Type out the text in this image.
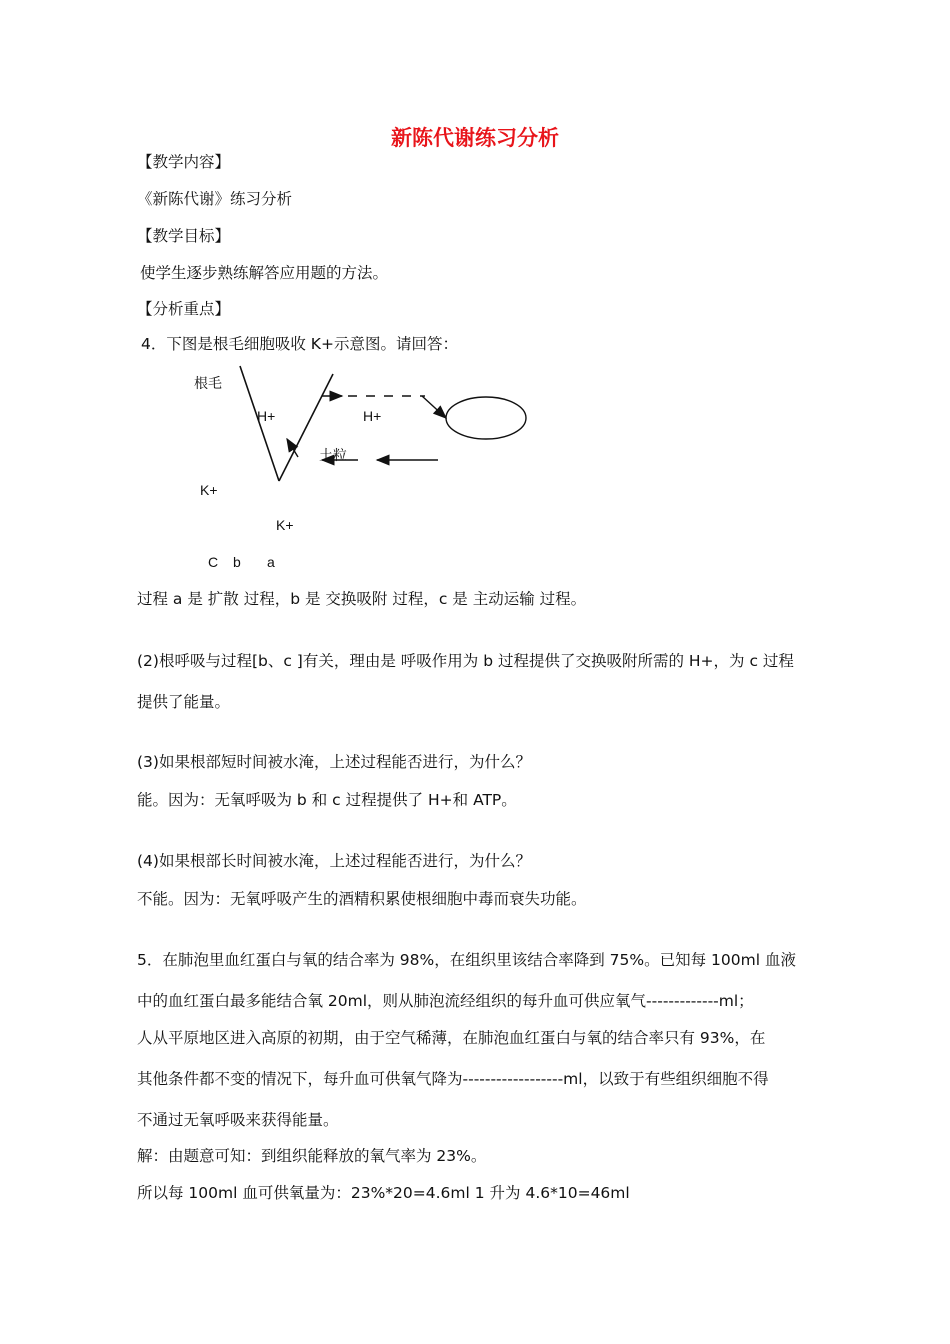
新陈代谢练习分析
【教学内容】
《新陈代谢》练习分析
【教学目标】
使学生逐步熟练解答应用题的方法。
【分析重点】
4．下图是根毛细胞吸收 K+示意图。请回答：
根毛
H+	H+
土粒
K+
K+
C b a
过程 a 是 扩散 过程，b 是 交换吸附 过程，c 是 主动运输 过程。
(2)根呼吸与过程[b、c ]有关，理由是 呼吸作用为 b 过程提供了交换吸附所需的 H+，为 c 过程
提供了能量。
(3)如果根部短时间被水淹，上述过程能否进行，为什么？
能。因为：无氧呼吸为 b 和 c 过程提供了 H+和 ATP。
(4)如果根部长时间被水淹，上述过程能否进行，为什么？
不能。因为：无氧呼吸产生的酒精积累使根细胞中毒而衰失功能。
5．在肺泡里血红蛋白与氧的结合率为 98%，在组织里该结合率降到 75%。已知每 100ml 血液
中的血红蛋白最多能结合氧 20ml，则从肺泡流经组织的每升血可供应氧气-------------ml；
人从平原地区进入高原的初期，由于空气稀薄，在肺泡血红蛋白与氧的结合率只有 93%，在
其他条件都不变的情况下，每升血可供氧气降为------------------ml，以致于有些组织细胞不得
不通过无氧呼吸来获得能量。
解：由题意可知：到组织能释放的氧气率为 23%。
所以每 100ml 血可供氧量为：23%*20=4.6ml 1 升为 4.6*10=46ml
